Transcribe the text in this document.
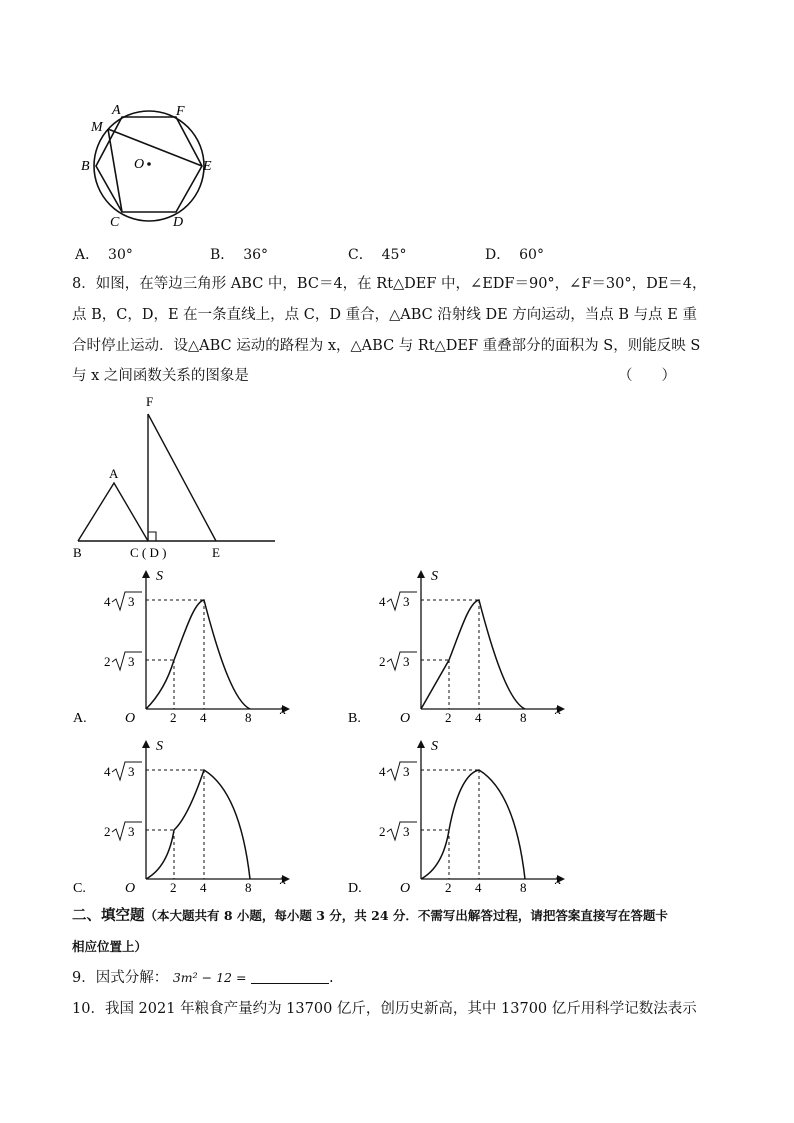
A	F
M
B	O	E
C	D
A． 30°	B． 36°	C． 45°	D． 60°
8．如图，在等边三角形 ABC 中，BC＝4，在 Rt△DEF 中，∠EDF＝90°，∠F＝30°，DE＝4，
点 B，C，D，E 在一条直线上，点 C，D 重合，△ABC 沿射线 DE 方向运动，当点 B 与点 E 重
合时停止运动．设△ABC 运动的路程为 x，△ABC 与 Rt△DEF 重叠部分的面积为 S，则能反映 S
与 x 之间函数关系的图象是	（　　）
F
A
B	C ( D )	E
A.
S
x
O	2 4	8
4 3
2 3
B.
S
x
O	2 4	8
4 3
2 3
C.
S
x
O	2 4	8
4 3
2 3
D.
S
x
O	2 4	8
4 3
2 3
二、填空题（本大题共有 8 小题，每小题 3 分，共 24 分．不需写出解答过程，请把答案直接写在答题卡
相应位置上）
9．因式分解： 3m² − 12 =	.
10．我国 2021 年粮食产量约为 13700 亿斤，创历史新高，其中 13700 亿斤用科学记数法表示
